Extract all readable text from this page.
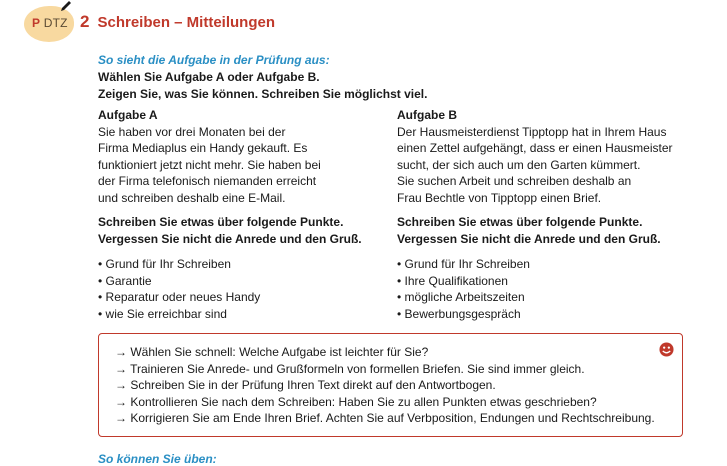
P DTZ 2 Schreiben – Mitteilungen
So sieht die Aufgabe in der Prüfung aus:
Wählen Sie Aufgabe A oder Aufgabe B.
Zeigen Sie, was Sie können. Schreiben Sie möglichst viel.
Aufgabe A
Sie haben vor drei Monaten bei der
Firma Mediaplus ein Handy gekauft. Es
funktioniert jetzt nicht mehr. Sie haben bei
der Firma telefonisch niemanden erreicht
und schreiben deshalb eine E-Mail.
Schreiben Sie etwas über folgende Punkte.
Vergessen Sie nicht die Anrede und den Gruß.
• Grund für Ihr Schreiben
• Garantie
• Reparatur oder neues Handy
• wie Sie erreichbar sind
Aufgabe B
Der Hausmeisterdienst Tipptopp hat in Ihrem Haus
einen Zettel aufgehängt, dass er einen Hausmeister
sucht, der sich auch um den Garten kümmert.
Sie suchen Arbeit und schreiben deshalb an
Frau Bechtle von Tipptopp einen Brief.
Schreiben Sie etwas über folgende Punkte.
Vergessen Sie nicht die Anrede und den Gruß.
• Grund für Ihr Schreiben
• Ihre Qualifikationen
• mögliche Arbeitszeiten
• Bewerbungsgespräch
→ Wählen Sie schnell: Welche Aufgabe ist leichter für Sie?
→ Trainieren Sie Anrede- und Grußformeln von formellen Briefen. Sie sind immer gleich.
→ Schreiben Sie in der Prüfung Ihren Text direkt auf den Antwortbogen.
→ Kontrollieren Sie nach dem Schreiben: Haben Sie zu allen Punkten etwas geschrieben?
→ Korrigieren Sie am Ende Ihren Brief. Achten Sie auf Verbposition, Endungen und Rechtschreibung.
So können Sie üben:
